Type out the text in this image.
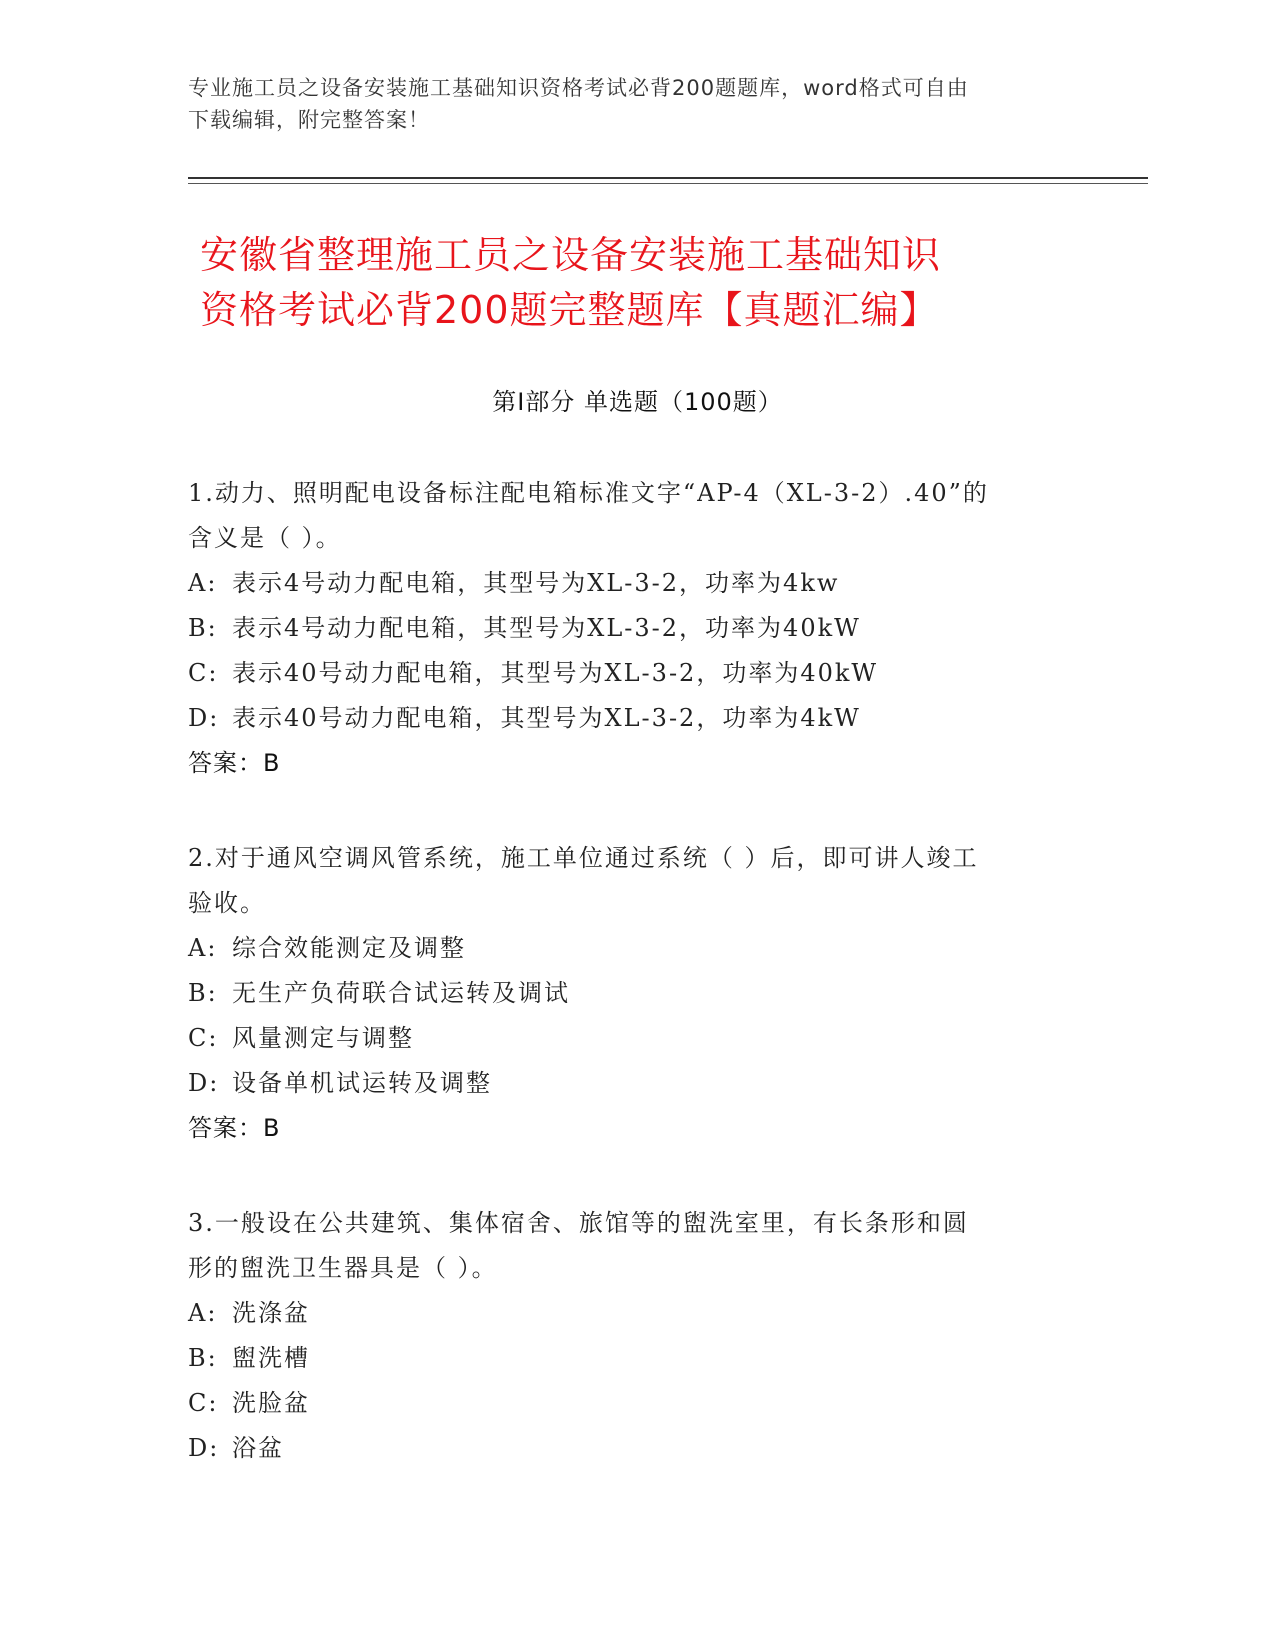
专业施工员之设备安装施工基础知识资格考试必背200题题库，word格式可自由
下载编辑，附完整答案！
安徽省整理施工员之设备安装施工基础知识
资格考试必背200题完整题库【真题汇编】
第I部分 单选题（100题）
1.动力、照明配电设备标注配电箱标准文字“AP-4（XL-3-2）.40”的
含义是（ ）。
A: 表示4号动力配电箱，其型号为XL-3-2，功率为4kw
B: 表示4号动力配电箱，其型号为XL-3-2，功率为40kW
C: 表示40号动力配电箱，其型号为XL-3-2，功率为40kW
D: 表示40号动力配电箱，其型号为XL-3-2，功率为4kW
答案：B
2.对于通风空调风管系统，施工单位通过系统（ ）后，即可讲人竣工
验收。
A: 综合效能测定及调整
B: 无生产负荷联合试运转及调试
C: 风量测定与调整
D: 设备单机试运转及调整
答案：B
3.一般设在公共建筑、集体宿舍、旅馆等的盥洗室里，有长条形和圆
形的盥洗卫生器具是（ ）。
A: 洗涤盆
B: 盥洗槽
C: 洗脸盆
D: 浴盆
